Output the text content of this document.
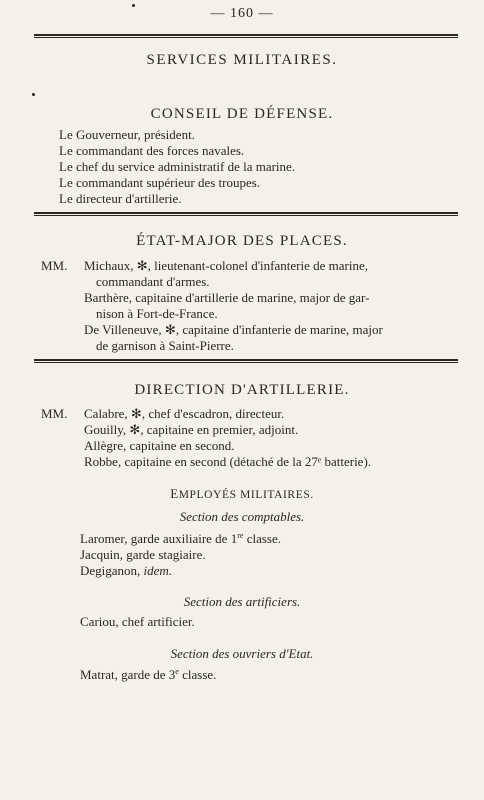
— 160 —
SERVICES MILITAIRES.
CONSEIL DE DÉFENSE.
Le Gouverneur, président.
Le commandant des forces navales.
Le chef du service administratif de la marine.
Le commandant supérieur des troupes.
Le directeur d'artillerie.
ÉTAT-MAJOR DES PLACES.
MM. Michaux, ✻, lieutenant-colonel d'infanterie de marine,
commandant d'armes.
Barthère, capitaine d'artillerie de marine, major de gar-
nison à Fort-de-France.
De Villeneuve, ✻, capitaine d'infanterie de marine, major
de garnison à Saint-Pierre.
DIRECTION D'ARTILLERIE.
MM. Calabre, ✻, chef d'escadron, directeur.
Gouilly, ✻, capitaine en premier, adjoint.
Allègre, capitaine en second.
Robbe, capitaine en second (détaché de la 27ᵉ batterie).
EMPLOYÉS MILITAIRES.
Section des comptables.
Laromer, garde auxiliaire de 1re classe.
Jacquin, garde stagiaire.
Degiganon, idem.
Section des artificiers.
Cariou, chef artificier.
Section des ouvriers d'Etat.
Matrat, garde de 3e classe.
